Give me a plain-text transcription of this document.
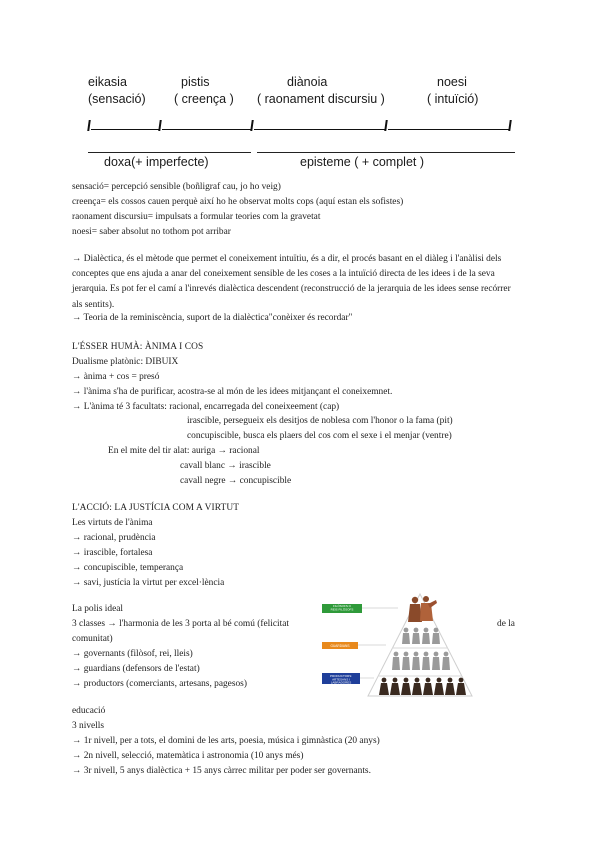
eikasia
(sensació)
pistis
( creença )
diànoia
( raonament discursiu )
noesi
( intuïció)
doxa(+ imperfecte)	episteme ( + complet )
sensació= percepció sensible (boñligraf cau, jo ho veig)
creença= els cossos cauen perquè així ho he observat molts cops (aquí estan els sofistes)
raonament discursiu= impulsats a formular teories com la gravetat
noesi= saber absolut no tothom pot arribar
→ Dialèctica, és el mètode que permet el coneixement intuïtiu, és a dir, el procés basant en el diàleg i l'anàlisi dels conceptes que ens ajuda a anar del coneixement sensible de les coses a la intuïció directa de les idees i de la seva jerarquia. Es pot fer el camí a l'inrevés dialèctica descendent (reconstrucció de la jerarquia de les idees sense recórrer als sentits).
→ Teoria de la reminiscència, suport de la dialèctica"conèixer és recordar"
L'ÉSSER HUMÀ: ÀNIMA I COS
Dualisme platònic: DIBUIX
→ ànima + cos = presó
→ l'ànima s'ha de purificar, acostra-se al món de les idees mitjançant el coneixemnet.
→ L'ànima té 3 facultats: racional, encarregada del coneixeement (cap)
irascible, persegueix els desitjos de noblesa com l'honor o la fama (pit)
concupiscible, busca els plaers del cos com el sexe i el menjar (ventre)
En el mite del tir alat: auriga → racional
cavall blanc → irascible
cavall negre → concupiscible
L'ACCIÓ: LA JUSTÍCIA COM A VIRTUT
Les virtuts de l'ànima
→ racional, prudència
→ irascible, fortalesa
→ concupiscible, temperança
→ savi, justícia la virtut per excel·lència
La polis ideal
3 classes → l'harmonia de les 3 porta al bé comú (felicitat	de la
comunitat)
→ governants (filòsof, rei, lleis)
→ guardians (defensors de l'estat)
→ productors (comerciants, artesans, pagesos)
FILÒSOFS O REIS FILÒSOFS
GUARDIANS
PRODUCTORS: ARTESANS I LABRADORES
educació
3 nivells
→ 1r nivell, per a tots, el domini de les arts, poesia, música i gimnàstica (20 anys)
→ 2n nivell, selecció, matemàtica i astronomia (10 anys més)
→ 3r nivell, 5 anys dialèctica + 15 anys càrrec militar per poder ser governants.
